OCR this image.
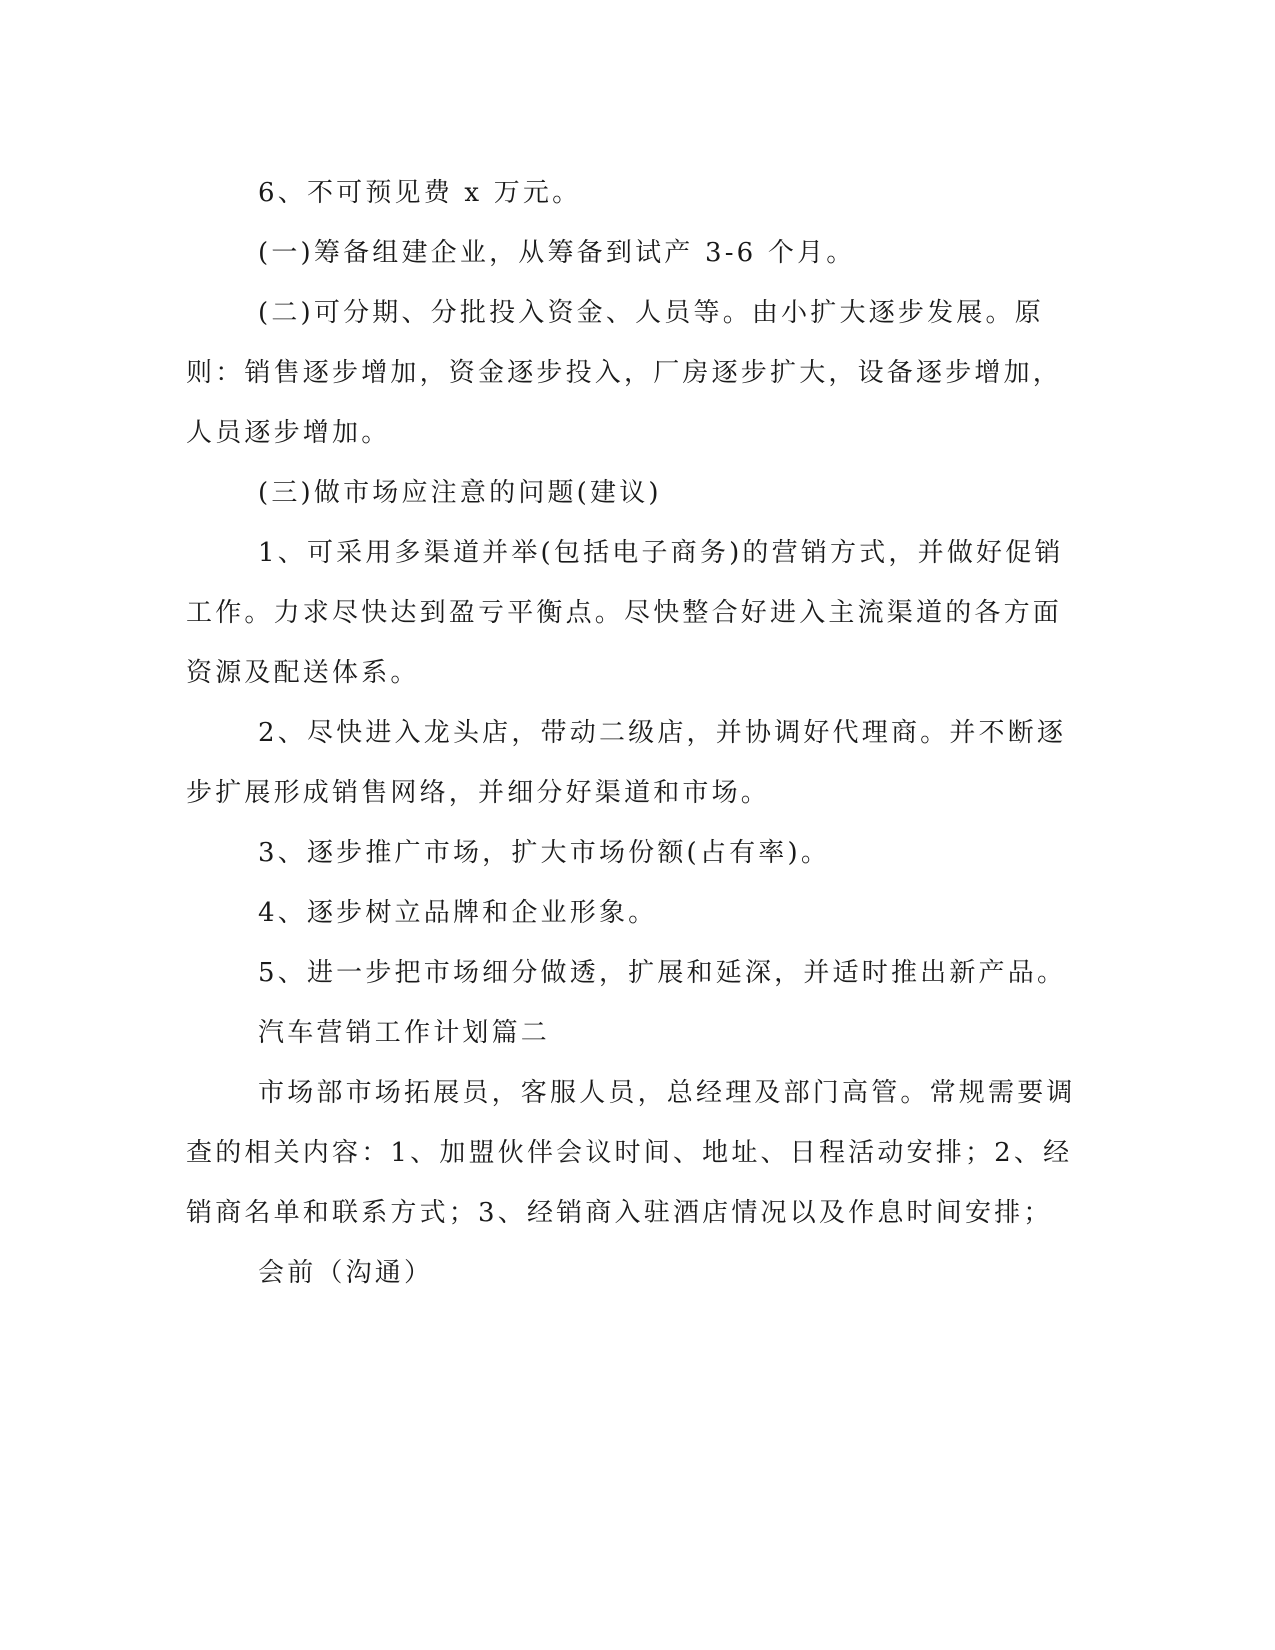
6、不可预见费 x 万元。

(一)筹备组建企业，从筹备到试产 3-6 个月。

(二)可分期、分批投入资金、人员等。由小扩大逐步发展。原则：销售逐步增加，资金逐步投入，厂房逐步扩大，设备逐步增加，人员逐步增加。

(三)做市场应注意的问题(建议)

1、可采用多渠道并举(包括电子商务)的营销方式，并做好促销工作。力求尽快达到盈亏平衡点。尽快整合好进入主流渠道的各方面资源及配送体系。

2、尽快进入龙头店，带动二级店，并协调好代理商。并不断逐步扩展形成销售网络，并细分好渠道和市场。

3、逐步推广市场，扩大市场份额(占有率)。

4、逐步树立品牌和企业形象。

5、进一步把市场细分做透，扩展和延深，并适时推出新产品。

汽车营销工作计划篇二

市场部市场拓展员，客服人员，总经理及部门高管。常规需要调查的相关内容：1、加盟伙伴会议时间、地址、日程活动安排；2、经销商名单和联系方式；3、经销商入驻酒店情况以及作息时间安排；

会前（沟通）
